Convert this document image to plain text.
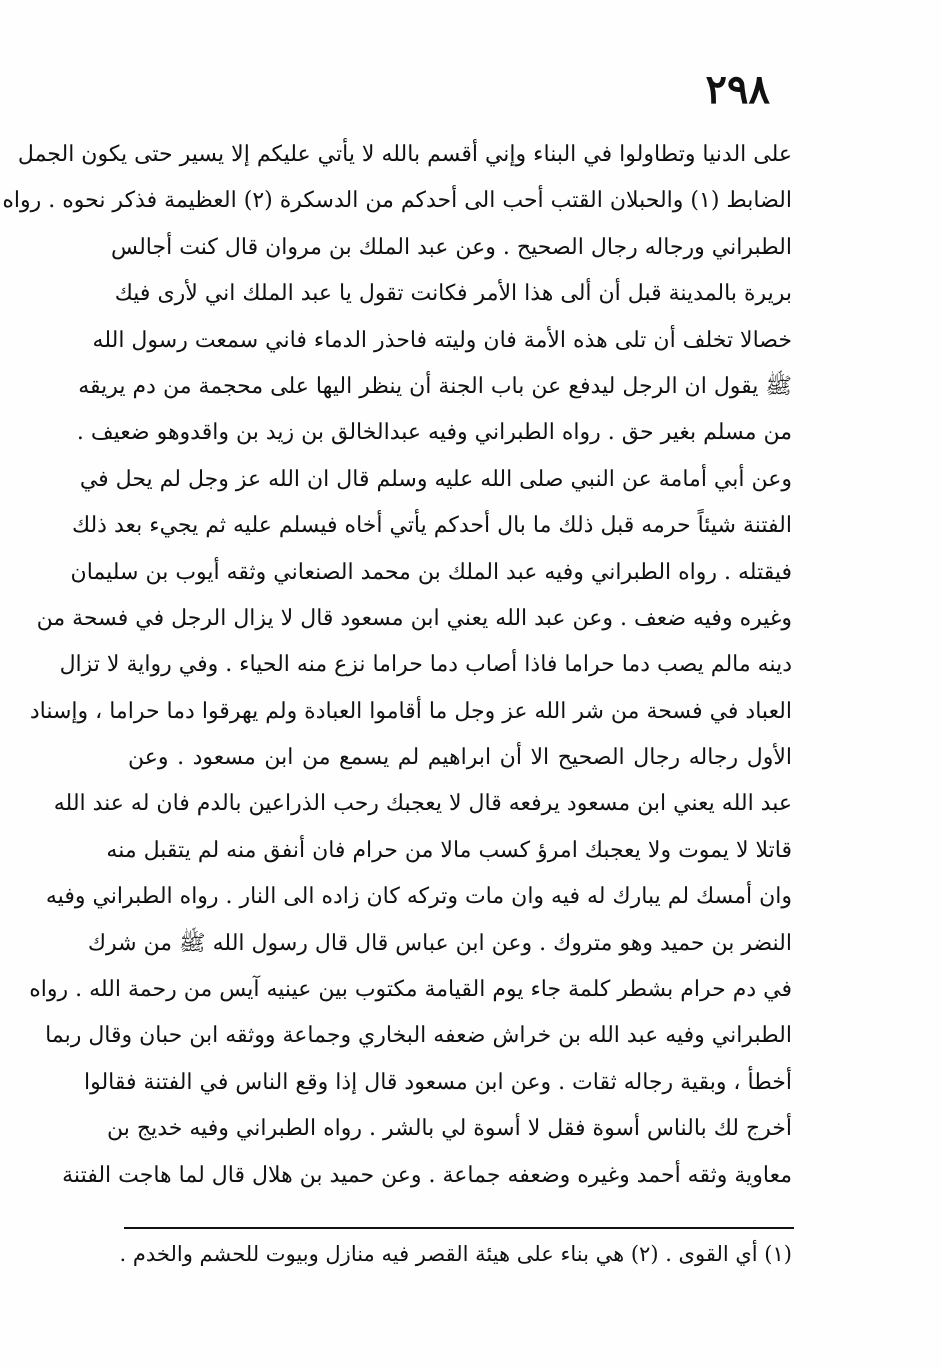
٢٩٨
على الدنيا وتطاولوا في البناء وإني أقسم بالله لا يأتي عليكم إلا يسير حتى يكون الجمل
الضابط (١) والحبلان القتب أحب الى أحدكم من الدسكرة (٢) العظيمة فذكر نحوه . رواه
الطبراني ورجاله رجال الصحيح . وعن عبد الملك بن مروان قال كنت أجالس
بريرة بالمدينة قبل أن ألى هذا الأمر فكانت تقول يا عبد الملك اني لأرى فيك
خصالا تخلف أن تلى هذه الأمة فان وليته فاحذر الدماء فاني سمعت رسول الله
ﷺ يقول ان الرجل ليدفع عن باب الجنة أن ينظر اليها على محجمة من دم يريقه
من مسلم بغير حق . رواه الطبراني وفيه عبدالخالق بن زيد بن واقدوهو ضعيف .
وعن أبي أمامة عن النبي صلى الله عليه وسلم قال ان الله عز وجل لم يحل في
الفتنة شيئاً حرمه قبل ذلك ما بال أحدكم يأتي أخاه فيسلم عليه ثم يجيء بعد ذلك
فيقتله . رواه الطبراني وفيه عبد الملك بن محمد الصنعاني وثقه أيوب بن سليمان
وغيره وفيه ضعف . وعن عبد الله يعني ابن مسعود قال لا يزال الرجل في فسحة من
دينه مالم يصب دما حراما فاذا أصاب دما حراما نزع منه الحياء . وفي رواية لا تزال
العباد في فسحة من شر الله عز وجل ما أقاموا العبادة ولم يهرقوا دما حراما ، وإسناد
الأول رجاله رجال الصحيح الا أن ابراهيم لم يسمع من ابن مسعود . وعن
عبد الله يعني ابن مسعود يرفعه قال لا يعجبك رحب الذراعين بالدم فان له عند الله
قاتلا لا يموت ولا يعجبك امرؤ كسب مالا من حرام فان أنفق منه لم يتقبل منه
وان أمسك لم يبارك له فيه وان مات وتركه كان زاده الى النار . رواه الطبراني وفيه
النضر بن حميد وهو متروك . وعن ابن عباس قال قال رسول الله ﷺ من شرك
في دم حرام بشطر كلمة جاء يوم القيامة مكتوب بين عينيه آيس من رحمة الله . رواه
الطبراني وفيه عبد الله بن خراش ضعفه البخاري وجماعة ووثقه ابن حبان وقال ربما
أخطأ ، وبقية رجاله ثقات . وعن ابن مسعود قال إذا وقع الناس في الفتنة فقالوا
أخرج لك بالناس أسوة فقل لا أسوة لي بالشر . رواه الطبراني وفيه خديج بن
معاوية وثقه أحمد وغيره وضعفه جماعة . وعن حميد بن هلال قال لما هاجت الفتنة
(١) أي القوى . (٢) هي بناء على هيئة القصر فيه منازل وبيوت للحشم والخدم .
